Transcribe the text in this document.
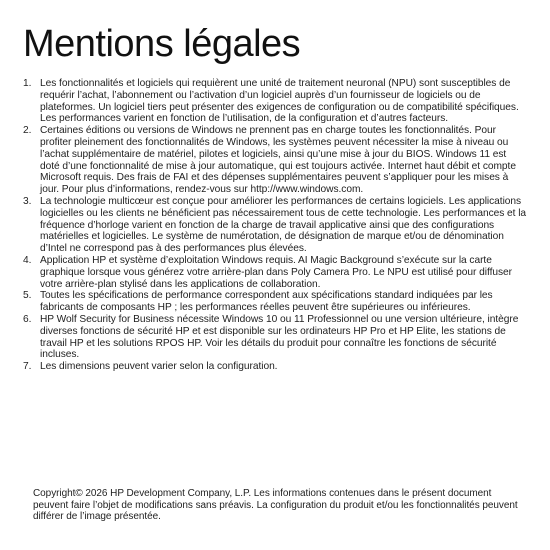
Mentions légales
1. Les fonctionnalités et logiciels qui requièrent une unité de traitement neuronal (NPU) sont susceptibles de requérir l’achat, l’abonnement ou l’activation d’un logiciel auprès d’un fournisseur de logiciels ou de plateformes. Un logiciel tiers peut présenter des exigences de configuration ou de compatibilité spécifiques. Les performances varient en fonction de l’utilisation, de la configuration et d’autres facteurs.
2. Certaines éditions ou versions de Windows ne prennent pas en charge toutes les fonctionnalités. Pour profiter pleinement des fonctionnalités de Windows, les systèmes peuvent nécessiter la mise à niveau ou l’achat supplémentaire de matériel, pilotes et logiciels, ainsi qu’une mise à jour du BIOS. Windows 11 est doté d’une fonctionnalité de mise à jour automatique, qui est toujours activée. Internet haut débit et compte Microsoft requis. Des frais de FAI et des dépenses supplémentaires peuvent s’appliquer pour les mises à jour. Pour plus d’informations, rendez-vous sur http://www.windows.com.
3. La technologie multicœur est conçue pour améliorer les performances de certains logiciels. Les applications logicielles ou les clients ne bénéficient pas nécessairement tous de cette technologie. Les performances et la fréquence d’horloge varient en fonction de la charge de travail applicative ainsi que des configurations matérielles et logicielles. Le système de numérotation, de désignation de marque et/ou de dénomination d’Intel ne correspond pas à des performances plus élevées.
4. Application HP et système d’exploitation Windows requis. AI Magic Background s’exécute sur la carte graphique lorsque vous générez votre arrière-plan dans Poly Camera Pro. Le NPU est utilisé pour diffuser votre arrière-plan stylisé dans les applications de collaboration.
5. Toutes les spécifications de performance correspondent aux spécifications standard indiquées par les fabricants de composants HP ; les performances réelles peuvent être supérieures ou inférieures.
6. HP Wolf Security for Business nécessite Windows 10 ou 11 Professionnel ou une version ultérieure, intègre diverses fonctions de sécurité HP et est disponible sur les ordinateurs HP Pro et HP Elite, les stations de travail HP et les solutions RPOS HP. Voir les détails du produit pour connaître les fonctions de sécurité incluses.
7. Les dimensions peuvent varier selon la configuration.

Copyright© 2026 HP Development Company, L.P. Les informations contenues dans le présent document peuvent faire l’objet de modifications sans préavis. La configuration du produit et/ou les fonctionnalités peuvent différer de l’image présentée.
